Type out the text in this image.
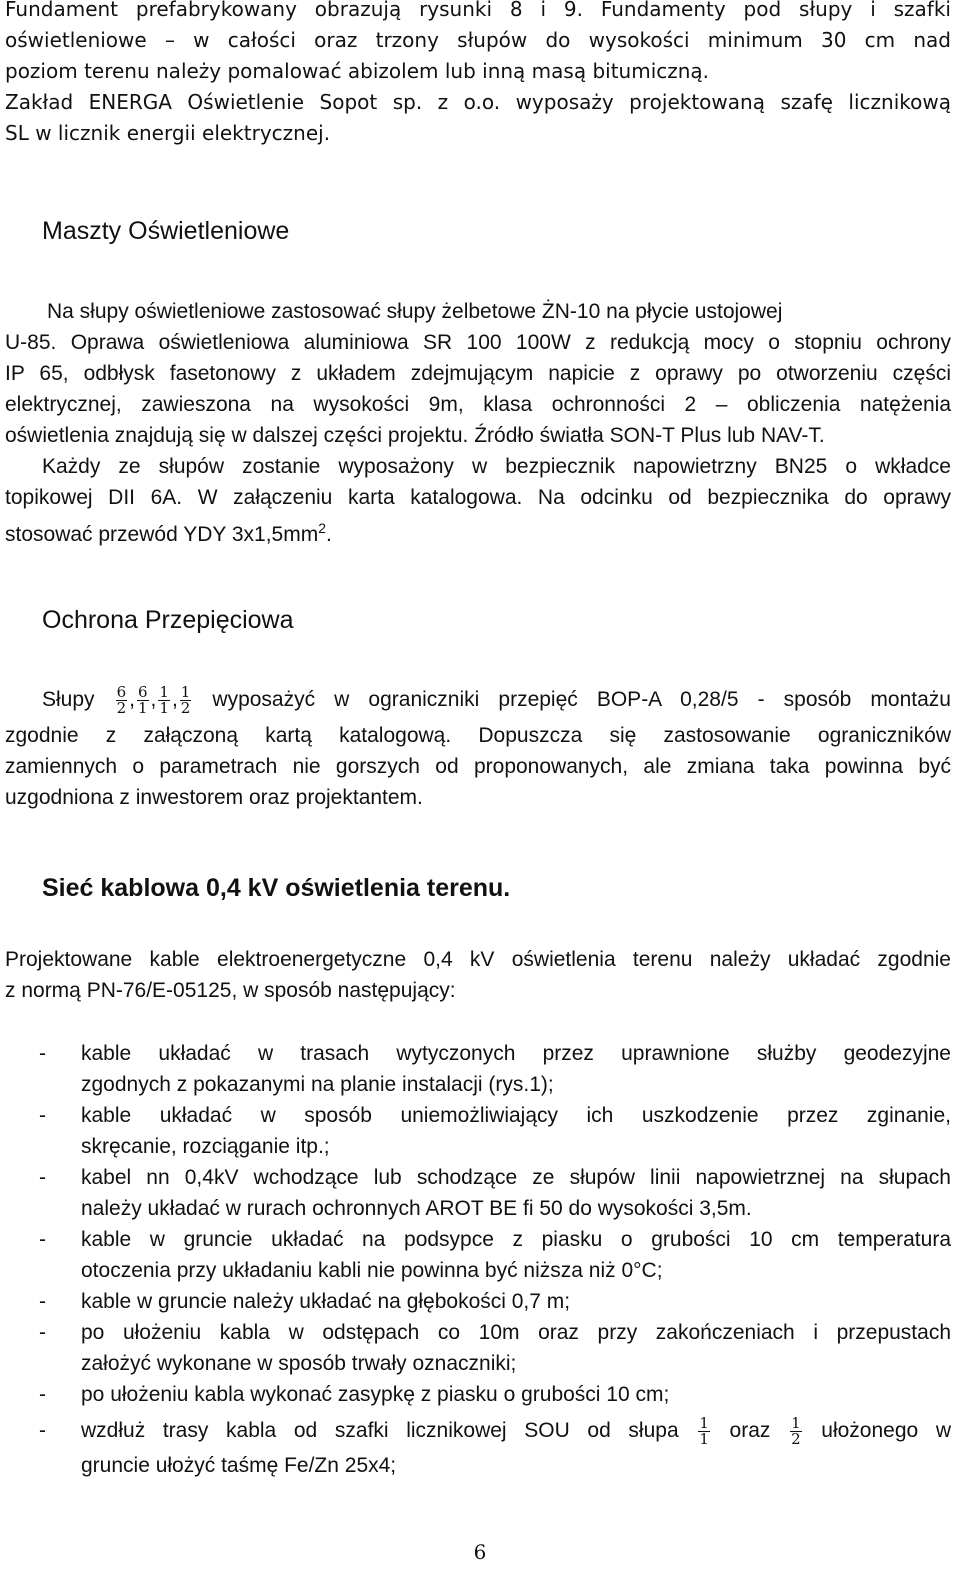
Fundament prefabrykowany obrazują rysunki 8 i 9. Fundamenty pod słupy i szafki
oświetleniowe – w całości oraz trzony słupów do wysokości minimum 30 cm nad
poziom terenu należy pomalować abizolem lub inną masą bitumiczną.
Zakład ENERGA Oświetlenie Sopot sp. z o.o. wyposaży projektowaną szafę licznikową
SL w licznik energii elektrycznej.
Maszty Oświetleniowe
Na słupy oświetleniowe zastosować słupy żelbetowe ŻN-10 na płycie ustojowej
U-85. Oprawa oświetleniowa aluminiowa SR 100 100W z redukcją mocy o stopniu ochrony
IP 65, odbłysk fasetonowy z układem zdejmującym napicie z oprawy po otworzeniu części
elektrycznej, zawieszona na wysokości 9m, klasa ochronności 2 – obliczenia natężenia
oświetlenia znajdują się w dalszej części projektu. Źródło światła SON-T Plus lub NAV-T.
Każdy ze słupów zostanie wyposażony w bezpiecznik napowietrzny BN25 o wkładce
topikowej DII 6A. W załączeniu karta katalogowa. Na odcinku od bezpiecznika do oprawy
stosować przewód YDY $3x1,5mm^2$.
Ochrona Przepięciowa
Słupy $\frac{6}{2}$ , $\frac{6}{1}$ , $\frac{1}{1}$ , $\frac{1}{2}$ wyposażyć w ograniczniki przepięć BOP-A 0,28/5 - sposób montażu
zgodnie z załączoną kartą katalogową. Dopuszcza się zastosowanie ograniczników
zamiennych o parametrach nie gorszych od proponowanych, ale zmiana taka powinna być
uzgodniona z inwestorem oraz projektantem.
Sieć kablowa 0,4 kV oświetlenia terenu.
Projektowane kable elektroenergetyczne 0,4 kV oświetlenia terenu należy układać zgodnie
z normą PN-76/E-05125, w sposób następujący:
- kable układać w trasach wytyczonych przez uprawnione służby geodezyjne
zgodnych z pokazanymi na planie instalacji (rys.1);
- kable układać w sposób uniemożliwiający ich uszkodzenie przez zginanie,
skręcanie, rozciąganie itp.;
- kabel nn 0,4kV wchodzące lub schodzące ze słupów linii napowietrznej na słupach
należy układać w rurach ochronnych AROT BE fi 50 do wysokości 3,5m.
- kable w gruncie układać na podsypce z piasku o grubości 10 cm temperatura
otoczenia przy układaniu kabli nie powinna być niższa niż 0°C;
- kable w gruncie należy układać na głębokości 0,7 m;
- po ułożeniu kabla w odstępach co 10m oraz przy zakończeniach i przepustach
założyć wykonane w sposób trwały oznaczniki;
- po ułożeniu kabla wykonać zasypkę z piasku o grubości 10 cm;
- wzdłuż trasy kabla od szafki licznikowej SOU od słupa $\frac{1}{1}$ oraz $\frac{1}{2}$ ułożonego w
gruncie ułożyć taśmę Fe/Zn 25x4;
6
